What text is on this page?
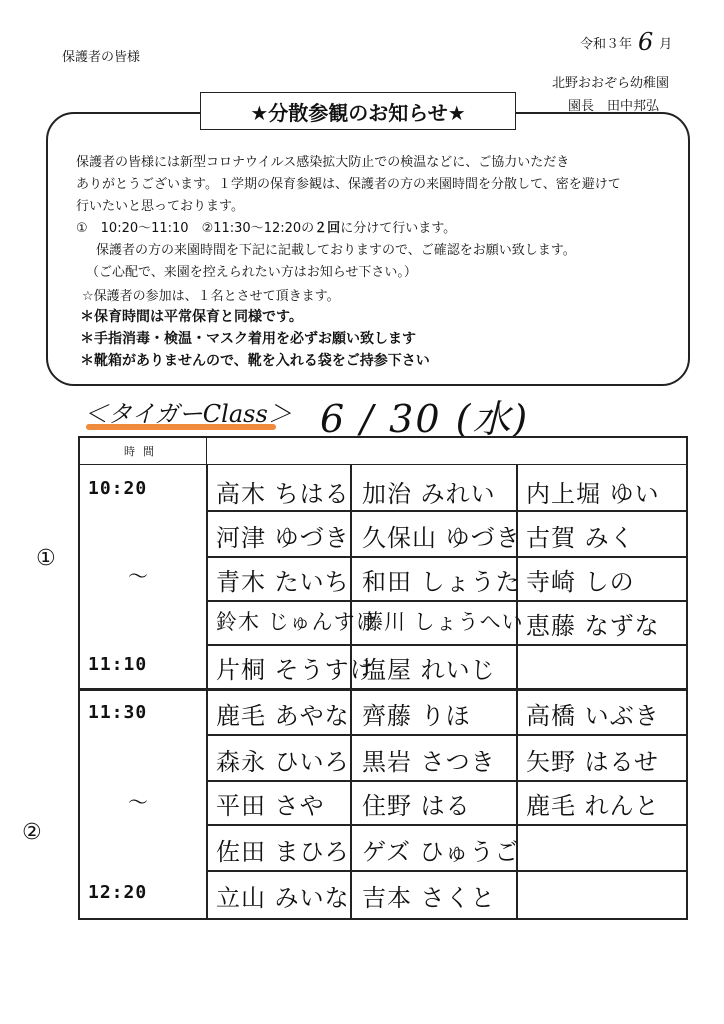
令和３年 6 月
保護者の皆様
北野おおぞら幼稚園
園長　田中邦弘
★分散参観のお知らせ★
保護者の皆様には新型コロナウイルス感染拡大防止での検温などに、ご協力いただき
ありがとうございます。１学期の保育参観は、保護者の方の来園時間を分散して、密を避けて
行いたいと思っております。
①　10:20〜11:10　②11:30〜12:20の２回に分けて行います。
保護者の方の来園時間を下記に記載しておりますので、ご確認をお願い致します。
（ご心配で、来園を控えられたい方はお知らせ下さい。）
☆保護者の参加は、１名とさせて頂きます。
＊保育時間は平常保育と同様です。
＊手指消毒・検温・マスク着用を必ずお願い致します
＊靴箱がありませんので、靴を入れる袋をご持参下さい
＜タイガーClass＞ 6 / 30 (水)
①
②
時間
10:20
〜
11:10
11:30
〜
12:20
高木 ちはる 加治 みれい 内上堀 ゆい
河津 ゆづき 久保山 ゆづき 古賀 みく
青木 たいち 和田 しょうた 寺崎 しの
鈴木 じゅんすけ
藤川 しょうへい 恵藤 なずな
片桐 そうすけ
塩屋 れいじ
鹿毛 あやな 齊藤 りほ 高橋 いぶき
森永 ひいろ 黒岩 さつき 矢野 はるせ
平田 さや 住野 はる 鹿毛 れんと
佐田 まひろ ゲズ ひゅうご
立山 みいな 吉本 さくと
